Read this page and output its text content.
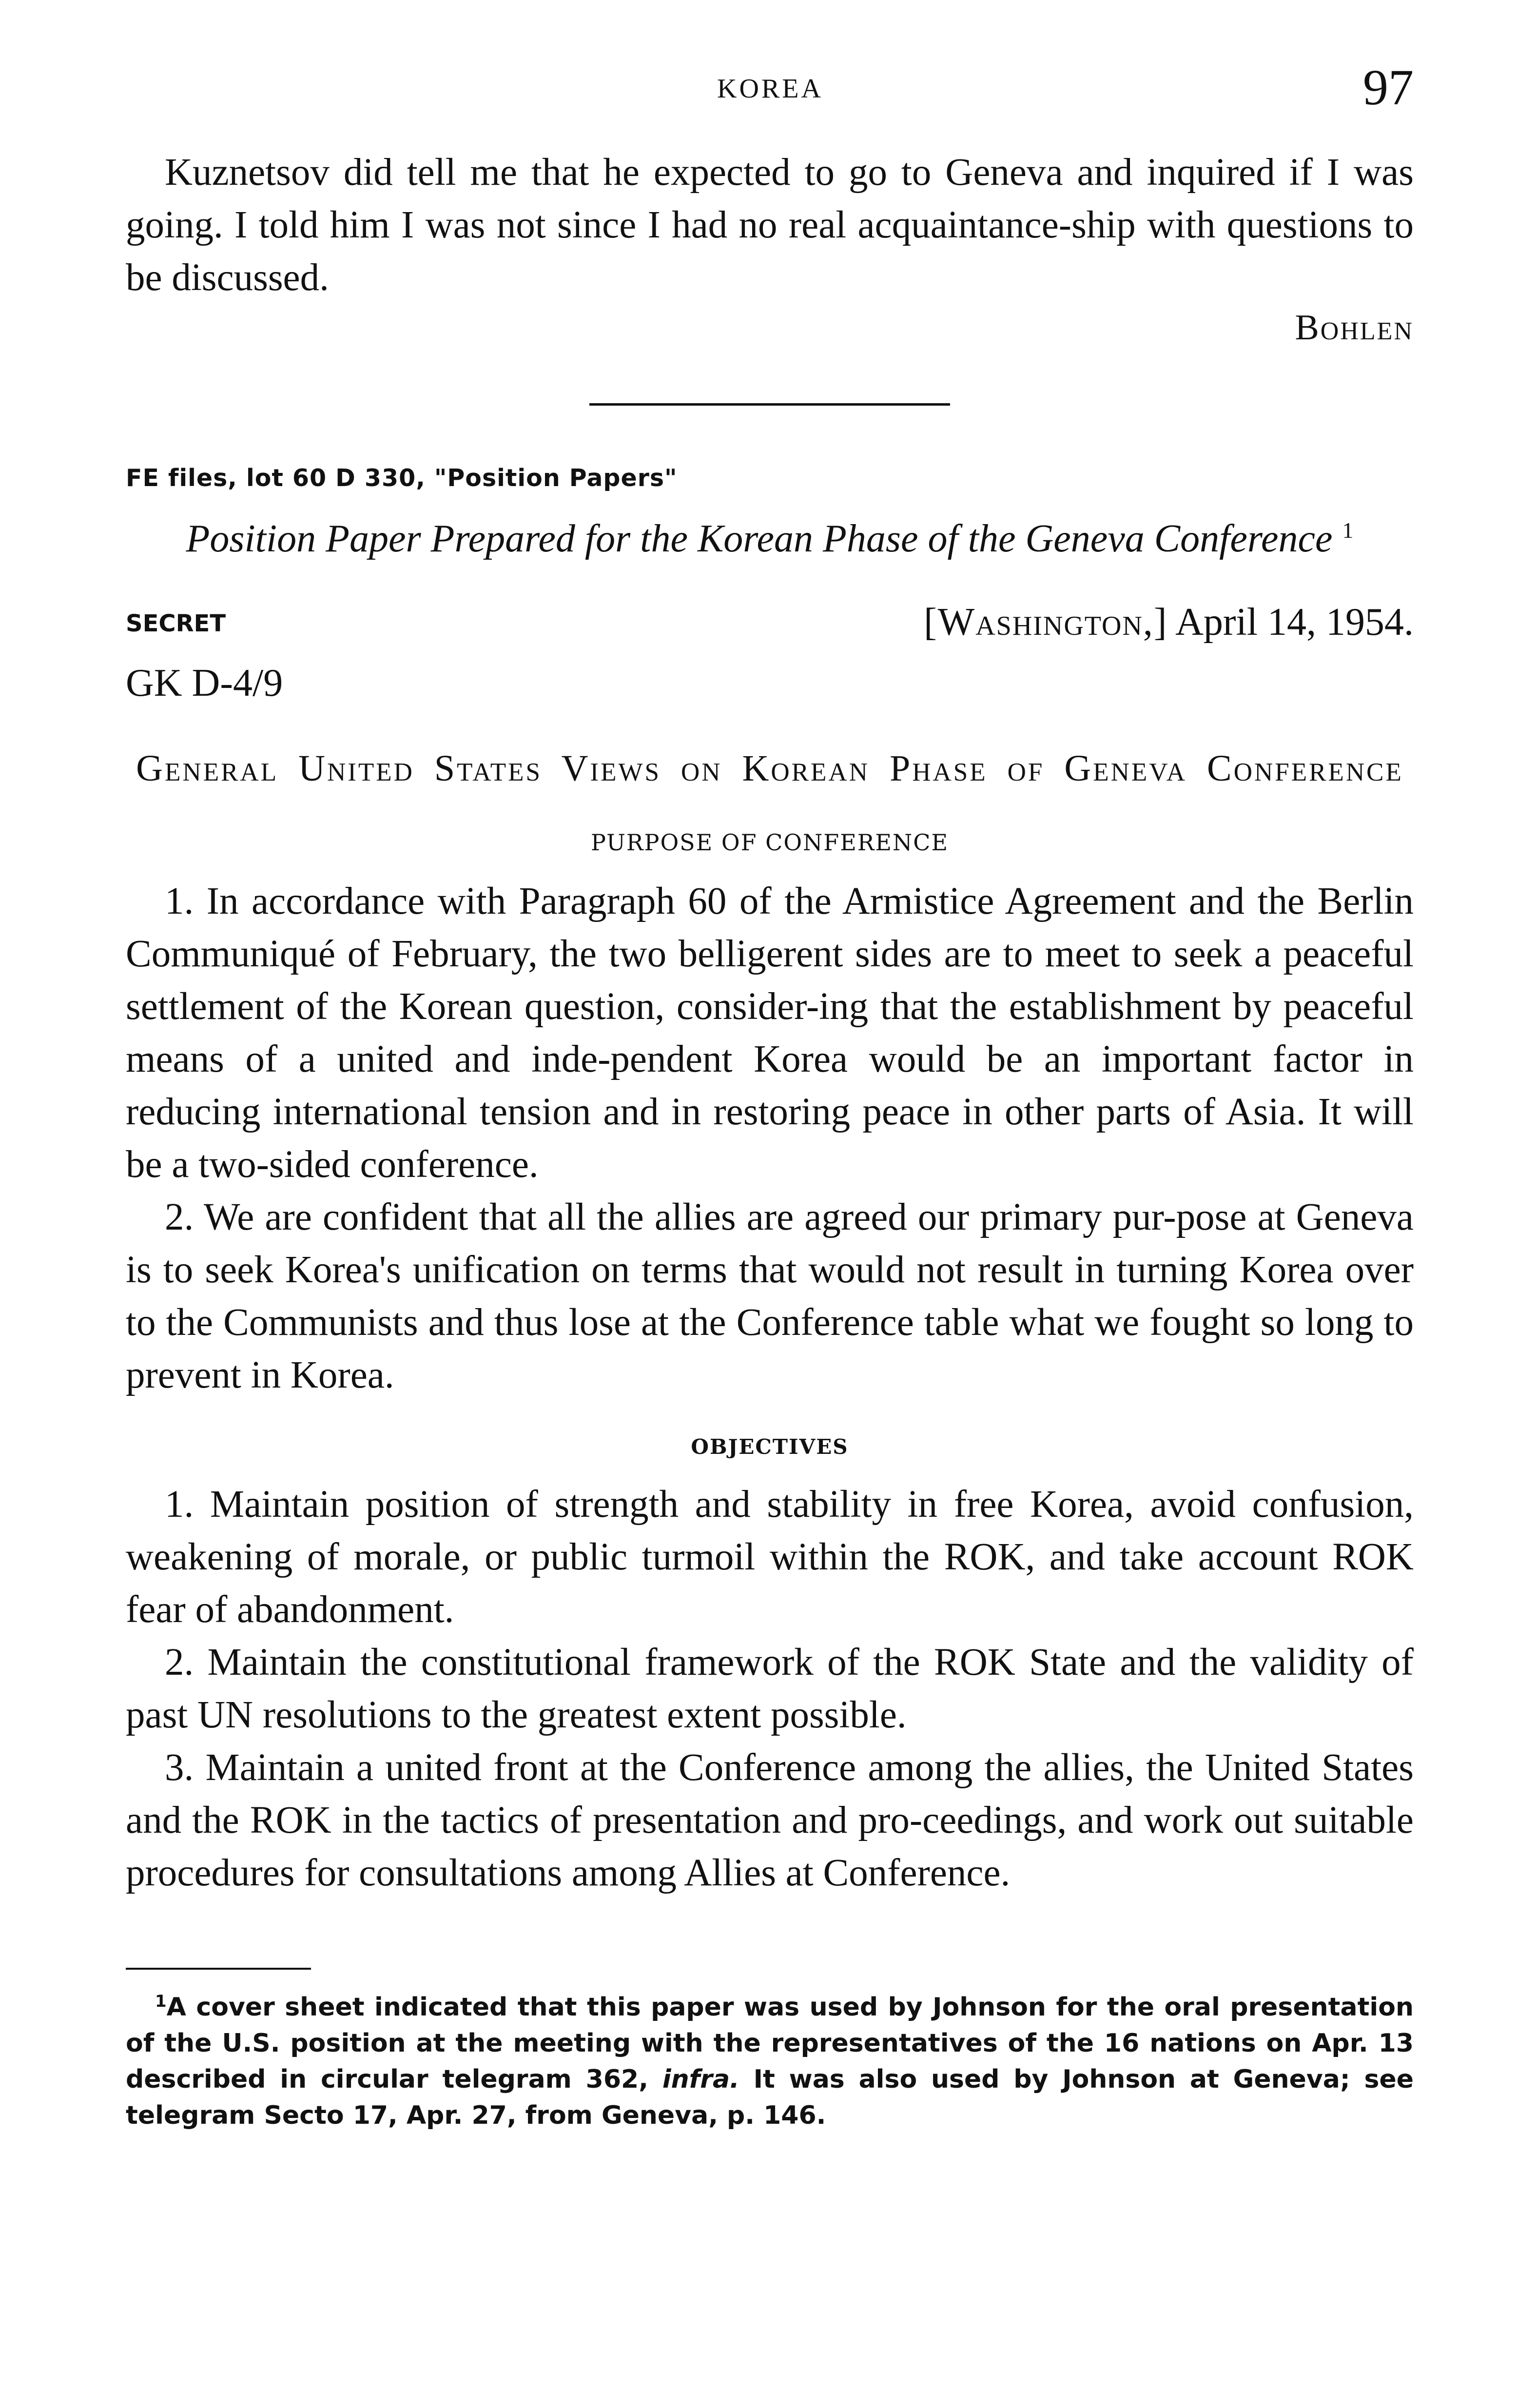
KOREA	97

Kuznetsov did tell me that he expected to go to Geneva and inquired if I was going. I told him I was not since I had no real acquaintance-ship with questions to be discussed.

Bohlen
FE files, lot 60 D 330, "Position Papers"
Position Paper Prepared for the Korean Phase of the Geneva Conference $^1$
SECRET	[Washington,] April 14, 1954.
GK D-4/9
General United States Views on Korean Phase of Geneva Conference
PURPOSE OF CONFERENCE

1. In accordance with Paragraph 60 of the Armistice Agreement and the Berlin Communiqué of February, the two belligerent sides are to meet to seek a peaceful settlement of the Korean question, consider-ing that the establishment by peaceful means of a united and inde-pendent Korea would be an important factor in reducing international tension and in restoring peace in other parts of Asia. It will be a two-sided conference.

2. We are confident that all the allies are agreed our primary pur-pose at Geneva is to seek Korea's unification on terms that would not result in turning Korea over to the Communists and thus lose at the Conference table what we fought so long to prevent in Korea.

OBJECTIVES

1. Maintain position of strength and stability in free Korea, avoid confusion, weakening of morale, or public turmoil within the ROK, and take account ROK fear of abandonment.

2. Maintain the constitutional framework of the ROK State and the validity of past UN resolutions to the greatest extent possible.

3. Maintain a united front at the Conference among the allies, the United States and the ROK in the tactics of presentation and pro-ceedings, and work out suitable procedures for consultations among Allies at Conference.

$^1$A cover sheet indicated that this paper was used by Johnson for the oral presentation of the U.S. position at the meeting with the representatives of the 16 nations on Apr. 13 described in circular telegram 362, infra. It was also used by Johnson at Geneva; see telegram Secto 17, Apr. 27, from Geneva, p. 146.
